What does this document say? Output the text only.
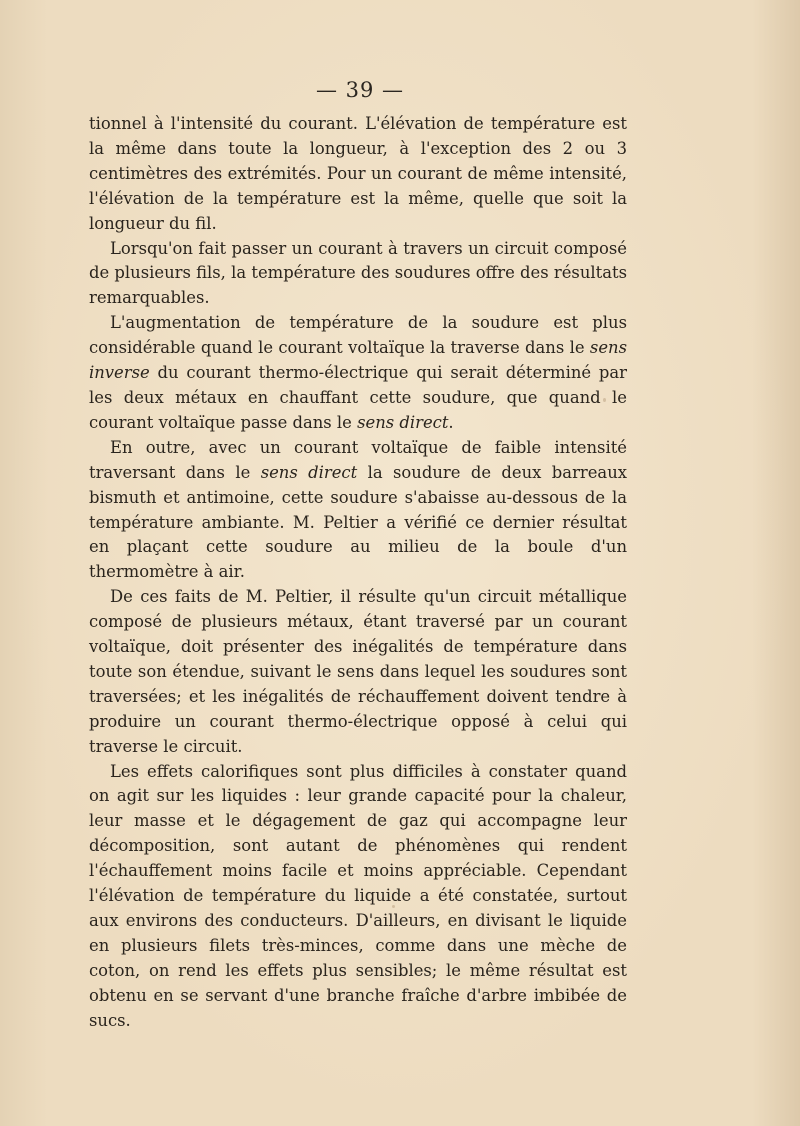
— 39 —

tionnel à l'intensité du courant. L'élévation de température est la même dans toute la longueur, à l'exception des 2 ou 3 centimètres des extrémités. Pour un courant de même intensité, l'élévation de la température est la même, quelle que soit la longueur du fil.

Lorsqu'on fait passer un courant à travers un circuit composé de plusieurs fils, la température des soudures offre des résultats remarquables.

L'augmentation de température de la soudure est plus considérable quand le courant voltaïque la traverse dans le sens inverse du courant thermo-électrique qui serait déterminé par les deux métaux en chauffant cette soudure, que quand le courant voltaïque passe dans le sens direct.

En outre, avec un courant voltaïque de faible intensité traversant dans le sens direct la soudure de deux barreaux bismuth et antimoine, cette soudure s'abaisse au-dessous de la température ambiante. M. Peltier a vérifié ce dernier résultat en plaçant cette soudure au milieu de la boule d'un thermomètre à air.

De ces faits de M. Peltier, il résulte qu'un circuit métallique composé de plusieurs métaux, étant traversé par un courant voltaïque, doit présenter des inégalités de température dans toute son étendue, suivant le sens dans lequel les soudures sont traversées; et les inégalités de réchauffement doivent tendre à produire un courant thermo-électrique opposé à celui qui traverse le circuit.

Les effets calorifiques sont plus difficiles à constater quand on agit sur les liquides : leur grande capacité pour la chaleur, leur masse et le dégagement de gaz qui accompagne leur décomposition, sont autant de phénomènes qui rendent l'échauffement moins facile et moins appréciable. Cependant l'élévation de température du liquide a été constatée, surtout aux environs des conducteurs. D'ailleurs, en divisant le liquide en plusieurs filets très-minces, comme dans une mèche de coton, on rend les effets plus sensibles; le même résultat est obtenu en se servant d'une branche fraîche d'arbre imbibée de sucs.
